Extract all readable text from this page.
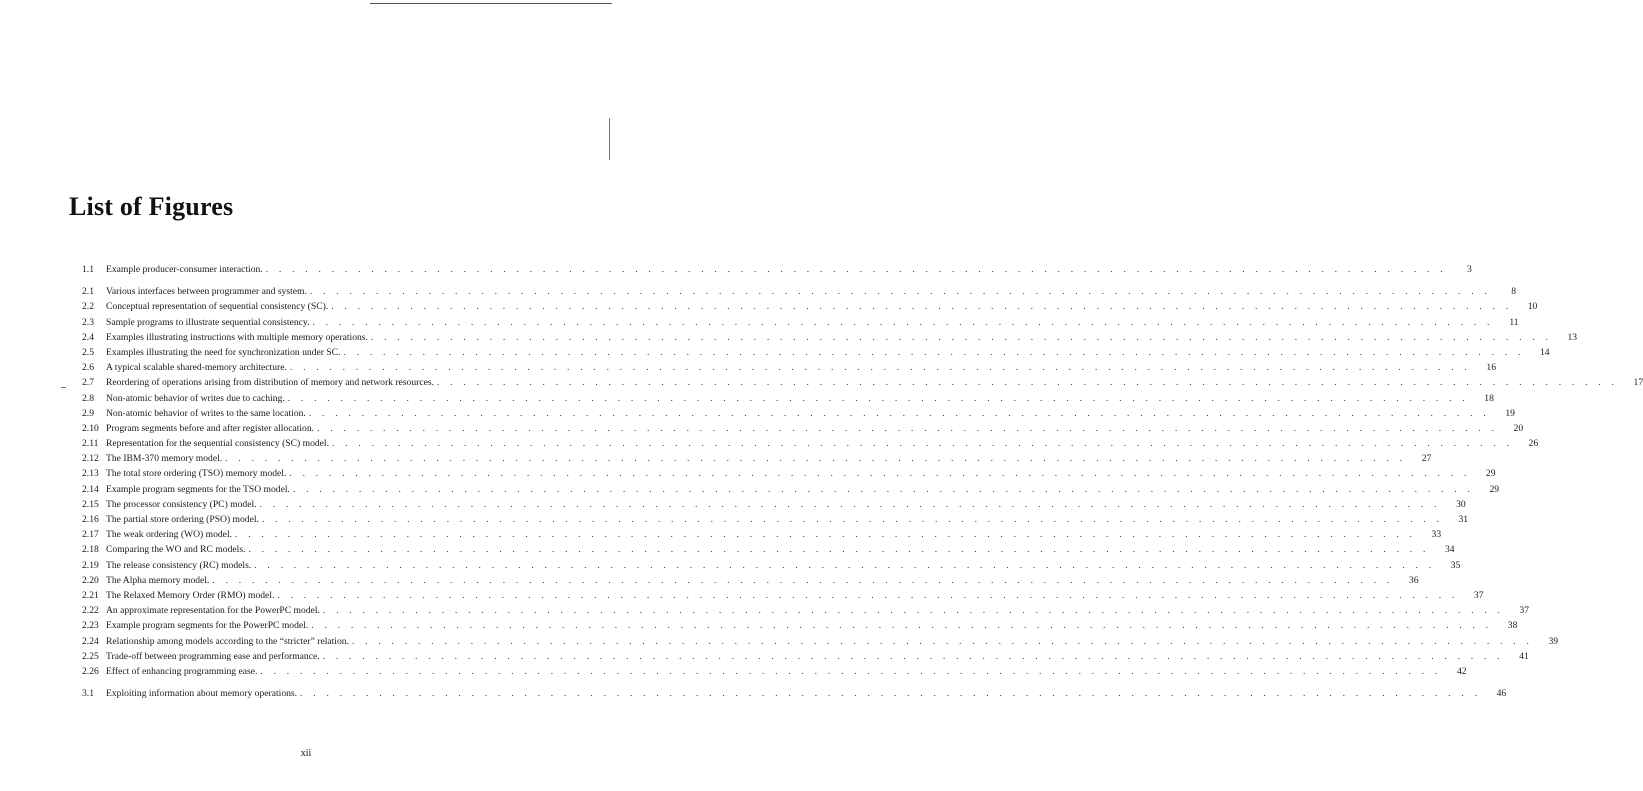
List of Figures
1.1	Example producer-consumer interaction. . . . . . . . . . . . . . . . . . . . . . . . . . . . . . . . . . . . . . . . . . . . . . . . . . . . . . . . . . . . . . . . . . . . . . . . . . . . . . . . . . . . . . . . . . .	3
2.1	Various interfaces between programmer and system. . . . . . . . . . . . . . . . . . . . . . . . . . . . . . . . . . . . . . . . . . . . . . . . . . . . . . . . . . . . . . . . . . . . . . . . . . . . . . . . . . . . . . . . . . .	8
2.2	Conceptual representation of sequential consistency (SC). . . . . . . . . . . . . . . . . . . . . . . . . . . . . . . . . . . . . . . . . . . . . . . . . . . . . . . . . . . . . . . . . . . . . . . . . . . . . . . . . . . . . . . . . . .	10
2.3	Sample programs to illustrate sequential consistency. . . . . . . . . . . . . . . . . . . . . . . . . . . . . . . . . . . . . . . . . . . . . . . . . . . . . . . . . . . . . . . . . . . . . . . . . . . . . . . . . . . . . . . . . . .	11
2.4	Examples illustrating instructions with multiple memory operations. . . . . . . . . . . . . . . . . . . . . . . . . . . . . . . . . . . . . . . . . . . . . . . . . . . . . . . . . . . . . . . . . . . . . . . . . . . . . . . . . . . . . . . . . . .	13
2.5	Examples illustrating the need for synchronization under SC. . . . . . . . . . . . . . . . . . . . . . . . . . . . . . . . . . . . . . . . . . . . . . . . . . . . . . . . . . . . . . . . . . . . . . . . . . . . . . . . . . . . . . . . . . .	14
2.6	A typical scalable shared-memory architecture. . . . . . . . . . . . . . . . . . . . . . . . . . . . . . . . . . . . . . . . . . . . . . . . . . . . . . . . . . . . . . . . . . . . . . . . . . . . . . . . . . . . . . . . . . .	16
2.7	Reordering of operations arising from distribution of memory and network resources. . . . . . . . . . . . . . . . . . . . . . . . . . . . . . . . . . . . . . . . . . . . . . . . . . . . . . . . . . . . . . . . . . . . . . . . . . . . . . . . . . . . . . . . . . .	17
2.8	Non-atomic behavior of writes due to caching. . . . . . . . . . . . . . . . . . . . . . . . . . . . . . . . . . . . . . . . . . . . . . . . . . . . . . . . . . . . . . . . . . . . . . . . . . . . . . . . . . . . . . . . . . .	18
2.9	Non-atomic behavior of writes to the same location. . . . . . . . . . . . . . . . . . . . . . . . . . . . . . . . . . . . . . . . . . . . . . . . . . . . . . . . . . . . . . . . . . . . . . . . . . . . . . . . . . . . . . . . . . .	19
2.10 Program segments before and after register allocation. . . . . . . . . . . . . . . . . . . . . . . . . . . . . . . . . . . . . . . . . . . . . . . . . . . . . . . . . . . . . . . . . . . . . . . . . . . . . . . . . . . . . . . . . . .	20
2.11 Representation for the sequential consistency (SC) model. . . . . . . . . . . . . . . . . . . . . . . . . . . . . . . . . . . . . . . . . . . . . . . . . . . . . . . . . . . . . . . . . . . . . . . . . . . . . . . . . . . . . . . . . . .	26
2.12 The IBM-370 memory model. . . . . . . . . . . . . . . . . . . . . . . . . . . . . . . . . . . . . . . . . . . . . . . . . . . . . . . . . . . . . . . . . . . . . . . . . . . . . . . . . . . . . . . . . . .	27
2.13 The total store ordering (TSO) memory model. . . . . . . . . . . . . . . . . . . . . . . . . . . . . . . . . . . . . . . . . . . . . . . . . . . . . . . . . . . . . . . . . . . . . . . . . . . . . . . . . . . . . . . . . . .	29
2.14 Example program segments for the TSO model. . . . . . . . . . . . . . . . . . . . . . . . . . . . . . . . . . . . . . . . . . . . . . . . . . . . . . . . . . . . . . . . . . . . . . . . . . . . . . . . . . . . . . . . . . .	29
2.15 The processor consistency (PC) model. . . . . . . . . . . . . . . . . . . . . . . . . . . . . . . . . . . . . . . . . . . . . . . . . . . . . . . . . . . . . . . . . . . . . . . . . . . . . . . . . . . . . . . . . . .	30
2.16 The partial store ordering (PSO) model. . . . . . . . . . . . . . . . . . . . . . . . . . . . . . . . . . . . . . . . . . . . . . . . . . . . . . . . . . . . . . . . . . . . . . . . . . . . . . . . . . . . . . . . . . .	31
2.17 The weak ordering (WO) model. . . . . . . . . . . . . . . . . . . . . . . . . . . . . . . . . . . . . . . . . . . . . . . . . . . . . . . . . . . . . . . . . . . . . . . . . . . . . . . . . . . . . . . . . . .	33
2.18 Comparing the WO and RC models. . . . . . . . . . . . . . . . . . . . . . . . . . . . . . . . . . . . . . . . . . . . . . . . . . . . . . . . . . . . . . . . . . . . . . . . . . . . . . . . . . . . . . . . . . .	34
2.19 The release consistency (RC) models. . . . . . . . . . . . . . . . . . . . . . . . . . . . . . . . . . . . . . . . . . . . . . . . . . . . . . . . . . . . . . . . . . . . . . . . . . . . . . . . . . . . . . . . . . .	35
2.20 The Alpha memory model. . . . . . . . . . . . . . . . . . . . . . . . . . . . . . . . . . . . . . . . . . . . . . . . . . . . . . . . . . . . . . . . . . . . . . . . . . . . . . . . . . . . . . . . . . .	36
2.21 The Relaxed Memory Order (RMO) model. . . . . . . . . . . . . . . . . . . . . . . . . . . . . . . . . . . . . . . . . . . . . . . . . . . . . . . . . . . . . . . . . . . . . . . . . . . . . . . . . . . . . . . . . . .	37
2.22 An approximate representation for the PowerPC model. . . . . . . . . . . . . . . . . . . . . . . . . . . . . . . . . . . . . . . . . . . . . . . . . . . . . . . . . . . . . . . . . . . . . . . . . . . . . . . . . . . . . . . . . . .	37
2.23 Example program segments for the PowerPC model. . . . . . . . . . . . . . . . . . . . . . . . . . . . . . . . . . . . . . . . . . . . . . . . . . . . . . . . . . . . . . . . . . . . . . . . . . . . . . . . . . . . . . . . . . .	38
2.24 Relationship among models according to the “stricter” relation. . . . . . . . . . . . . . . . . . . . . . . . . . . . . . . . . . . . . . . . . . . . . . . . . . . . . . . . . . . . . . . . . . . . . . . . . . . . . . . . . . . . . . . . . . .	39
2.25 Trade-off between programming ease and performance. . . . . . . . . . . . . . . . . . . . . . . . . . . . . . . . . . . . . . . . . . . . . . . . . . . . . . . . . . . . . . . . . . . . . . . . . . . . . . . . . . . . . . . . . . .	41
2.26 Effect of enhancing programming ease. . . . . . . . . . . . . . . . . . . . . . . . . . . . . . . . . . . . . . . . . . . . . . . . . . . . . . . . . . . . . . . . . . . . . . . . . . . . . . . . . . . . . . . . . . .	42
3.1	Exploiting information about memory operations. . . . . . . . . . . . . . . . . . . . . . . . . . . . . . . . . . . . . . . . . . . . . . . . . . . . . . . . . . . . . . . . . . . . . . . . . . . . . . . . . . . . . . . . . . .	46
xii
